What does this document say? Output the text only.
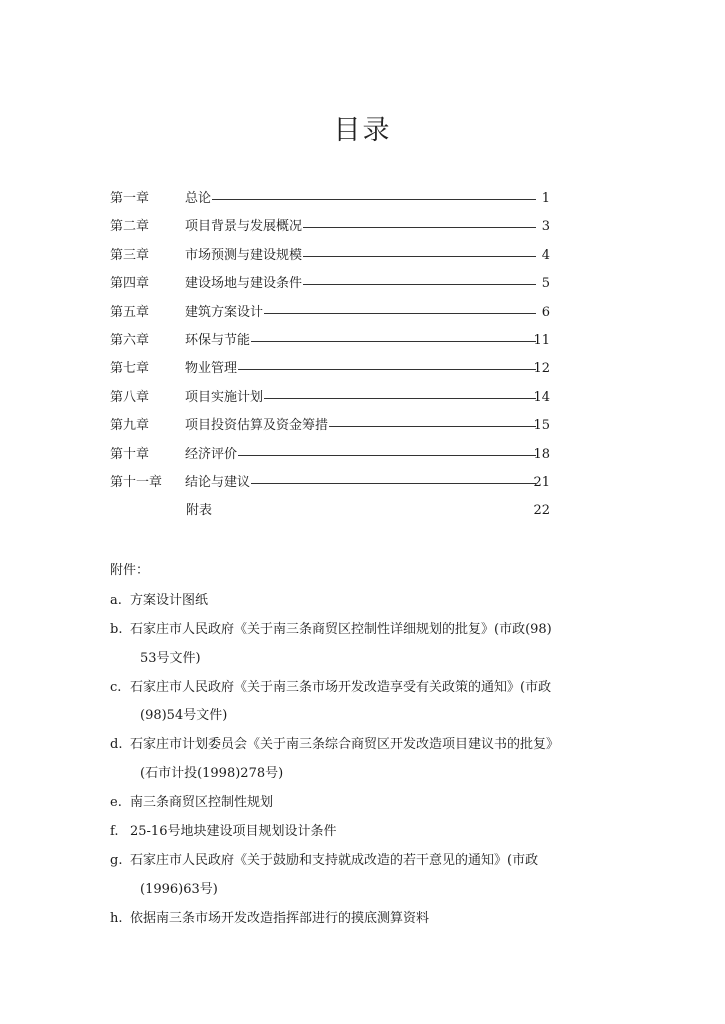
目录
第一章	总论	1
第二章	项目背景与发展概况	3
第三章	市场预测与建设规模	4
第四章	建设场地与建设条件	5
第五章	建筑方案设计	6
第六章	环保与节能	11
第七章	物业管理	12
第八章	项目实施计划	14
第九章	项目投资估算及资金筹措	15
第十章	经济评价	18
第十一章 结论与建议	21
附表	22
附件：
a. 方案设计图纸
b. 石家庄市人民政府《关于南三条商贸区控制性详细规划的批复》(市政(98)
53号文件)
c. 石家庄市人民政府《关于南三条市场开发改造享受有关政策的通知》(市政
(98)54号文件)
d. 石家庄市计划委员会《关于南三条综合商贸区开发改造项目建议书的批复》
(石市计投(1998)278号)
e. 南三条商贸区控制性规划
f. 25-16号地块建设项目规划设计条件
g. 石家庄市人民政府《关于鼓励和支持就成改造的若干意见的通知》(市政
(1996)63号)
h. 依据南三条市场开发改造指挥部进行的摸底测算资料
